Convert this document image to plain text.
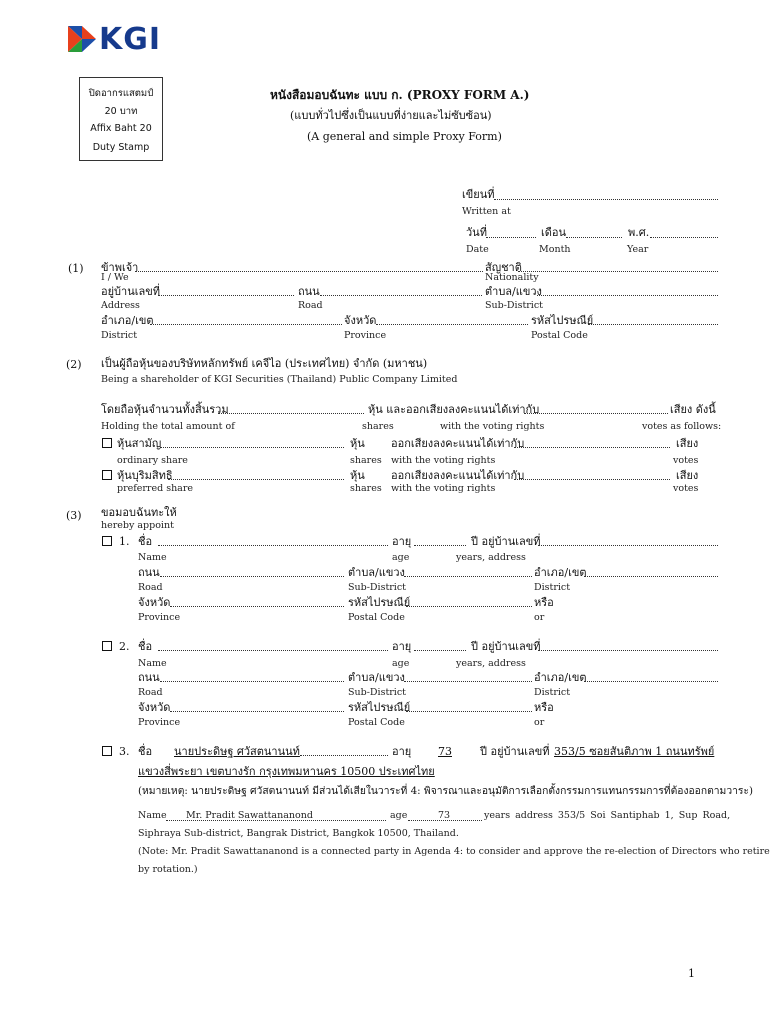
KGI
ปิดอากรแสตมป์
20 บาท
Affix Baht 20
Duty Stamp
หนังสือมอบฉันทะ แบบ ก. (PROXY FORM A.)
(แบบทั่วไปซึ่งเป็นแบบที่ง่ายและไม่ซับซ้อน)
(A general and simple Proxy Form)
เขียนที่
Written at
วันที่	เดือน	พ.ศ.
Date	Month	Year
(1) ข้าพเจ้า	สัญชาติ
I / We	Nationality
อยู่บ้านเลขที่	ถนน	ตำบล/แขวง
Address	Road	Sub-District
อำเภอ/เขต	จังหวัด	รหัสไปรษณีย์
District	Province	Postal Code
(2) เป็นผู้ถือหุ้นของบริษัทหลักทรัพย์ เคจีไอ (ประเทศไทย) จำกัด (มหาชน)
Being a shareholder of KGI Securities (Thailand) Public Company Limited
โดยถือหุ้นจำนวนทั้งสิ้นรวม	หุ้น และออกเสียงลงคะแนนได้เท่ากับ	เสียง ดังนี้
Holding the total amount of	shares	with the voting rights	votes as follows:
หุ้นสามัญ	หุ้น ออกเสียงลงคะแนนได้เท่ากับ	เสียง
ordinary share	shares with the voting rights	votes
หุ้นบุริมสิทธิ	หุ้น ออกเสียงลงคะแนนได้เท่ากับ	เสียง
preferred share	shares with the voting rights	votes
(3) ขอมอบฉันทะให้
hereby appoint
1. ชื่อ	อายุ	ปี อยู่บ้านเลขที่
Name	age	years, address
ถนน	ตำบล/แขวง	อำเภอ/เขต
Road	Sub-District	District
จังหวัด	รหัสไปรษณีย์	หรือ
Province	Postal Code	or
2. ชื่อ	อายุ	ปี อยู่บ้านเลขที่
Name	age	years, address
ถนน	ตำบล/แขวง	อำเภอ/เขต
Road	Sub-District	District
จังหวัด	รหัสไปรษณีย์	หรือ
Province	Postal Code	or
3. ชื่อ นายประดิษฐ ศวัสตนานนท์	อายุ 73	ปี อยู่บ้านเลขที่ 353/5 ซอยสันติภาพ 1 ถนนทรัพย์
แขวงสี่พระยา เขตบางรัก กรุงเทพมหานคร 10500 ประเทศไทย
(หมายเหตุ: นายประดิษฐ ศวัสตนานนท์ มีส่วนได้เสียในวาระที่ 4: พิจารณาและอนุมัติการเลือกตั้งกรรมการแทนกรรมการที่ต้องออกตามวาระ)
Name Mr. Pradit Sawattananond	age	73	years address 353/5 Soi Santiphab 1, Sup Road,
Siphraya Sub-district, Bangrak District, Bangkok 10500, Thailand.
(Note: Mr. Pradit Sawattananond is a connected party in Agenda 4: to consider and approve the re-election of Directors who retire
by rotation.)
1
